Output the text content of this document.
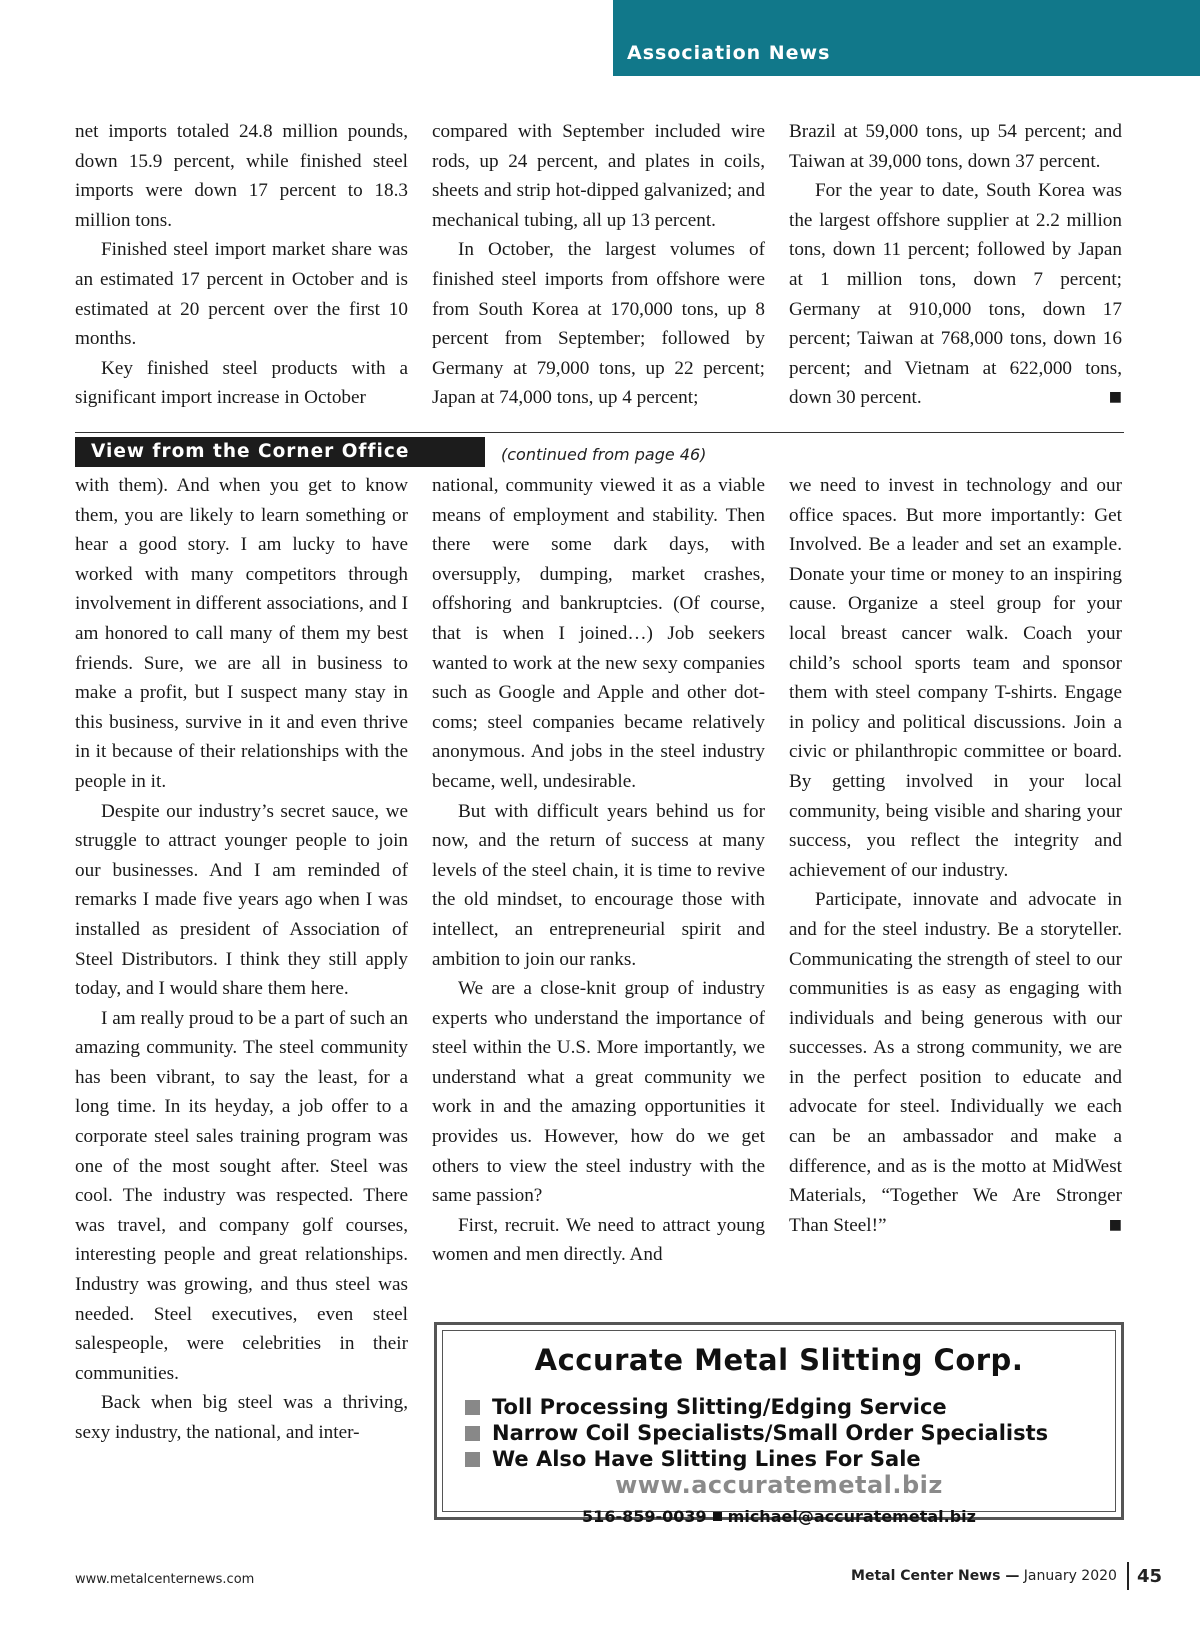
Association News

net imports totaled 24.8 million pounds, down 15.9 percent, while finished steel imports were down 17 percent to 18.3 million tons.

Finished steel import market share was an estimated 17 percent in October and is estimated at 20 percent over the first 10 months.

Key finished steel products with a significant import increase in October

compared with September included wire rods, up 24 percent, and plates in coils, sheets and strip hot-dipped galvanized; and mechanical tubing, all up 13 percent.

In October, the largest volumes of finished steel imports from offshore were from South Korea at 170,000 tons, up 8 percent from September; followed by Germany at 79,000 tons, up 22 percent; Japan at 74,000 tons, up 4 percent;

Brazil at 59,000 tons, up 54 percent; and Taiwan at 39,000 tons, down 37 percent.

For the year to date, South Korea was the largest offshore supplier at 2.2 million tons, down 11 percent; followed by Japan at 1 million tons, down 7 percent; Germany at 910,000 tons, down 17 percent; Taiwan at 768,000 tons, down 16 percent; and Vietnam at 622,000 tons, down 30 percent.	■

View from the Corner Office	(continued from page 46)

with them). And when you get to know them, you are likely to learn something or hear a good story. I am lucky to have worked with many competitors through involvement in different associations, and I am honored to call many of them my best friends. Sure, we are all in business to make a profit, but I suspect many stay in this business, survive in it and even thrive in it because of their relationships with the people in it.

Despite our industry’s secret sauce, we struggle to attract younger people to join our businesses. And I am reminded of remarks I made five years ago when I was installed as president of Association of Steel Distributors. I think they still apply today, and I would share them here.

I am really proud to be a part of such an amazing community. The steel community has been vibrant, to say the least, for a long time. In its heyday, a job offer to a corporate steel sales training program was one of the most sought after. Steel was cool. The industry was respected. There was travel, and company golf courses, interesting people and great relationships. Industry was growing, and thus steel was needed. Steel executives, even steel salespeople, were celebrities in their communities.

Back when big steel was a thriving, sexy industry, the national, and inter-

national, community viewed it as a viable means of employment and stability. Then there were some dark days, with oversupply, dumping, market crashes, offshoring and bankruptcies. (Of course, that is when I joined…) Job seekers wanted to work at the new sexy companies such as Google and Apple and other dot-coms; steel companies became relatively anonymous. And jobs in the steel industry became, well, undesirable.

But with difficult years behind us for now, and the return of success at many levels of the steel chain, it is time to revive the old mindset, to encourage those with intellect, an entrepreneurial spirit and ambition to join our ranks.

We are a close-knit group of industry experts who understand the importance of steel within the U.S. More importantly, we understand what a great community we work in and the amazing opportunities it provides us. However, how do we get others to view the steel industry with the same passion?

First, recruit. We need to attract young women and men directly. And

we need to invest in technology and our office spaces. But more importantly: Get Involved. Be a leader and set an example. Donate your time or money to an inspiring cause. Organize a steel group for your local breast cancer walk. Coach your child’s school sports team and sponsor them with steel company T-shirts. Engage in policy and political discussions. Join a civic or philanthropic committee or board. By getting involved in your local community, being visible and sharing your success, you reflect the integrity and achievement of our industry.

Participate, innovate and advocate in and for the steel industry. Be a storyteller. Communicating the strength of steel to our communities is as easy as engaging with individuals and being generous with our successes. As a strong community, we are in the perfect position to educate and advocate for steel. Individually we each can be an ambassador and make a difference, and as is the motto at MidWest Materials, “Together We Are Stronger Than Steel!”	■

Accurate Metal Slitting Corp.
Toll Processing Slitting/Edging Service
Narrow Coil Specialists/Small Order Specialists
We Also Have Slitting Lines For Sale
www.accuratemetal.biz
516-859-0039 michael@accuratemetal.biz
www.metalcenternews.com	Metal Center News —
January 2020 45
